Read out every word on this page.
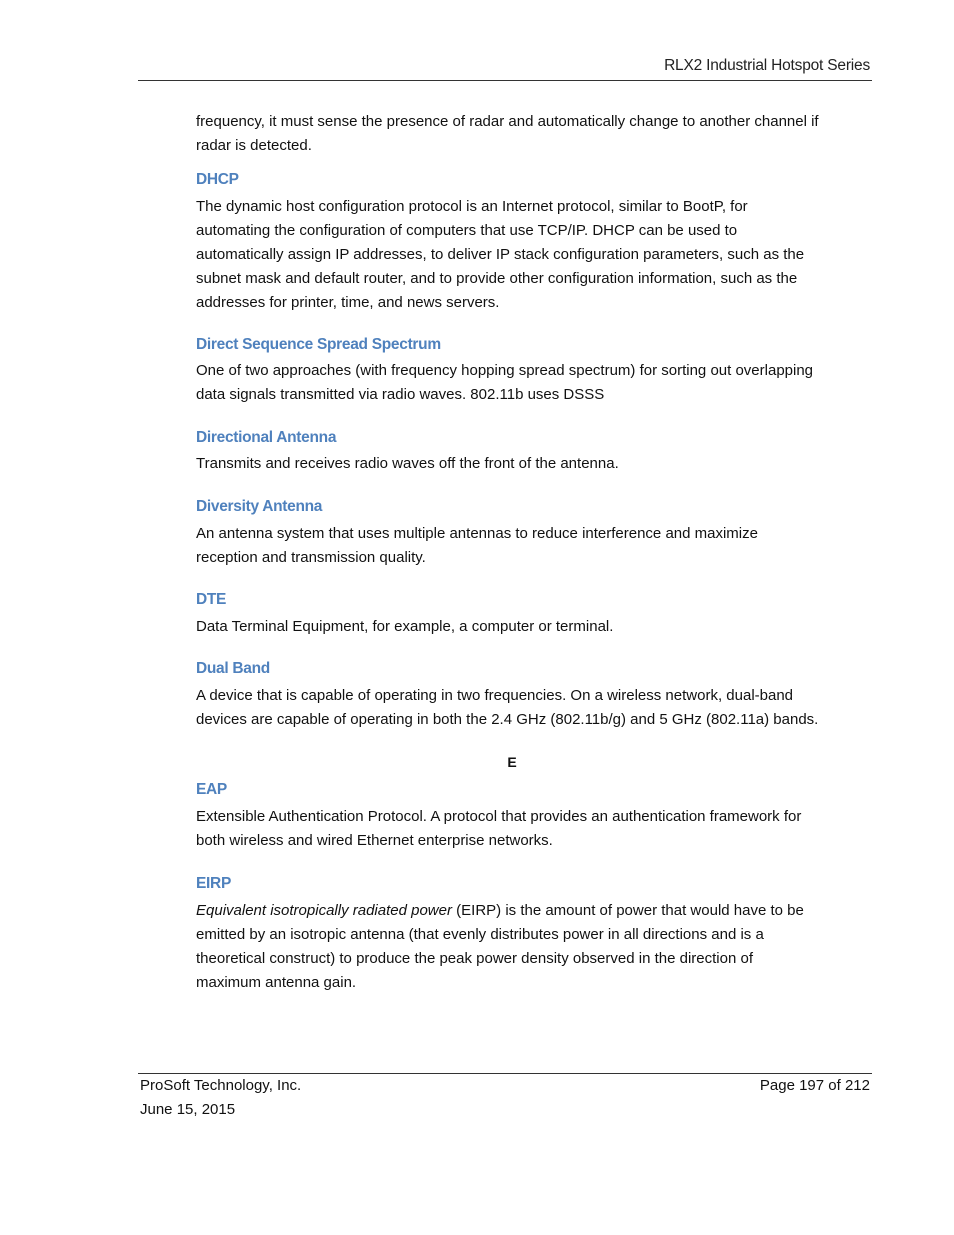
RLX2 Industrial Hotspot Series

frequency, it must sense the presence of radar and automatically change to another channel if radar is detected.

DHCP

The dynamic host configuration protocol is an Internet protocol, similar to BootP, for automating the configuration of computers that use TCP/IP. DHCP can be used to automatically assign IP addresses, to deliver IP stack configuration parameters, such as the subnet mask and default router, and to provide other configuration information, such as the addresses for printer, time, and news servers.

Direct Sequence Spread Spectrum

One of two approaches (with frequency hopping spread spectrum) for sorting out overlapping data signals transmitted via radio waves. 802.11b uses DSSS

Directional Antenna

Transmits and receives radio waves off the front of the antenna.

Diversity Antenna

An antenna system that uses multiple antennas to reduce interference and maximize reception and transmission quality.

DTE

Data Terminal Equipment, for example, a computer or terminal.

Dual Band

A device that is capable of operating in two frequencies. On a wireless network, dual-band devices are capable of operating in both the 2.4 GHz (802.11b/g) and 5 GHz (802.11a) bands.

E

EAP

Extensible Authentication Protocol. A protocol that provides an authentication framework for both wireless and wired Ethernet enterprise networks.

EIRP

Equivalent isotropically radiated power (EIRP) is the amount of power that would have to be emitted by an isotropic antenna (that evenly distributes power in all directions and is a theoretical construct) to produce the peak power density observed in the direction of maximum antenna gain.

ProSoft Technology, Inc.
June 15, 2015
Page 197 of 212
